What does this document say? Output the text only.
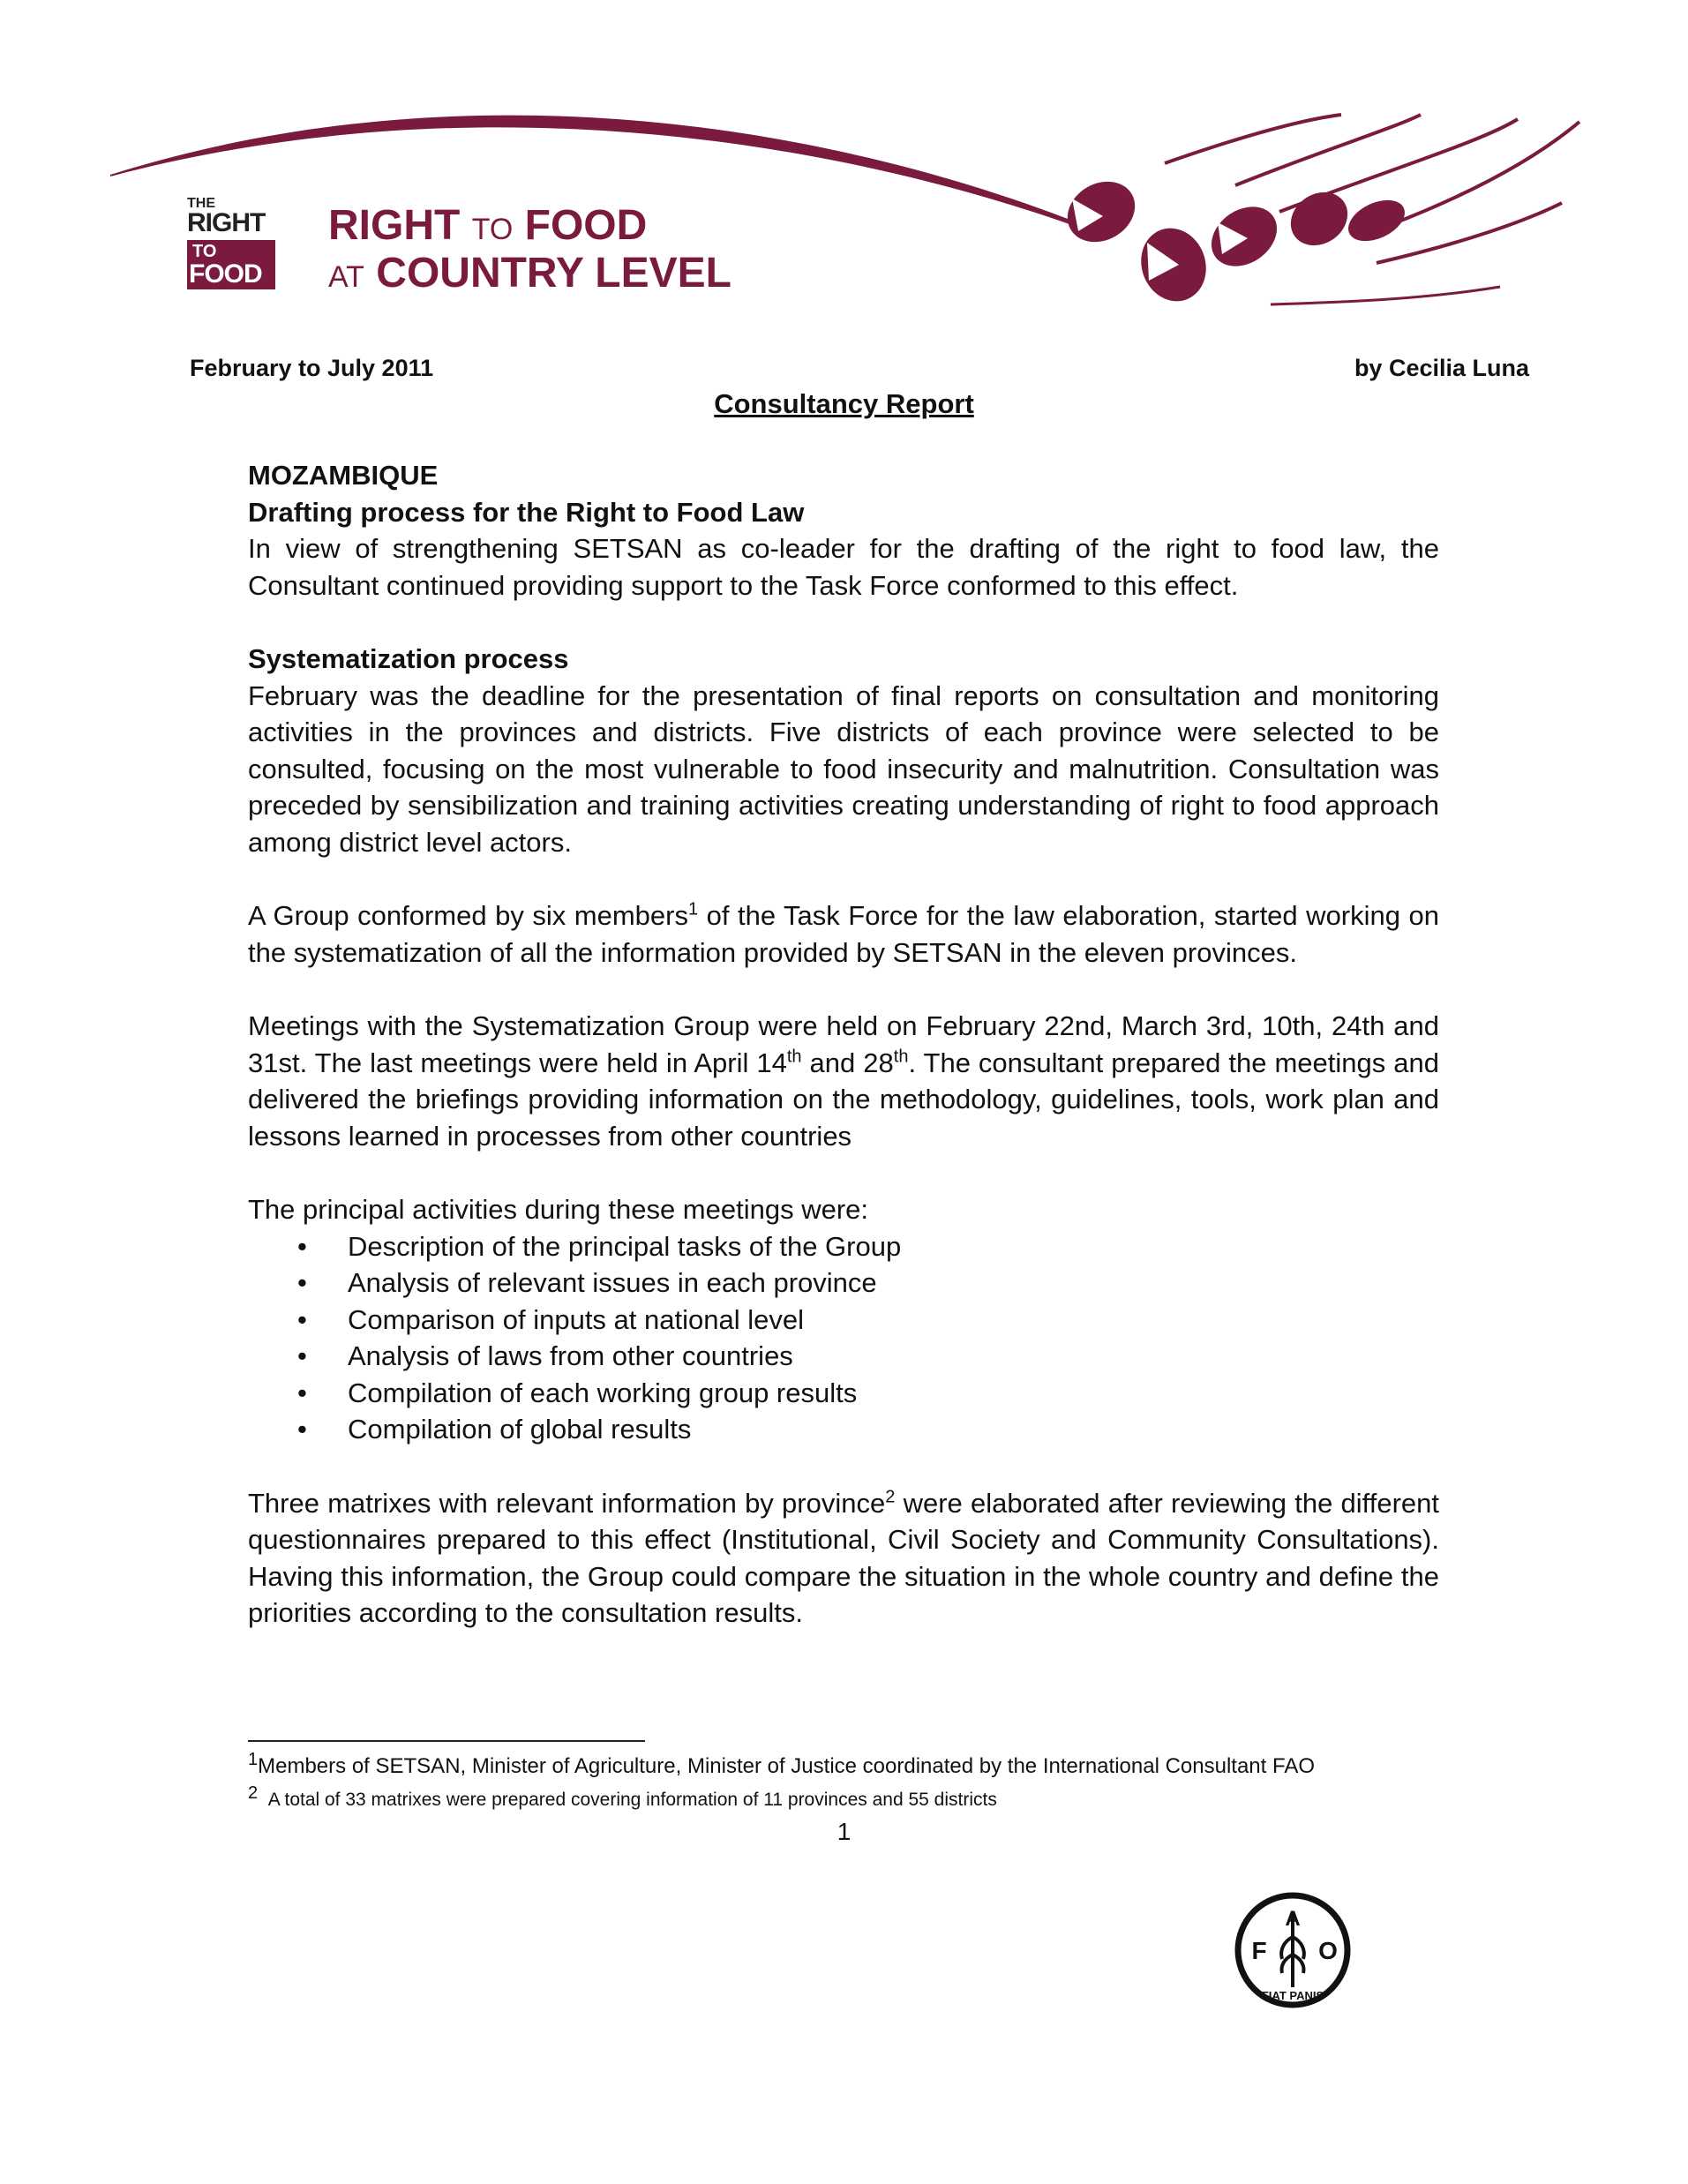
THE
RIGHT
TO
FOOD
RIGHT TO FOOD
AT COUNTRY LEVEL
February to July 2011	by Cecilia Luna
Consultancy Report

MOZAMBIQUE

Drafting process for the Right to Food Law

In view of strengthening SETSAN as co-leader for the drafting of the right to food law, the Consultant continued providing support to the Task Force conformed to this effect.

Systematization process

February was the deadline for the presentation of final reports on consultation and monitoring activities in the provinces and districts. Five districts of each province were selected to be consulted, focusing on the most vulnerable to food insecurity and malnutrition. Consultation was preceded by sensibilization and training activities creating understanding of right to food approach among district level actors.

A Group conformed by six members$^1$ of the Task Force for the law elaboration, started working on the systematization of all the information provided by SETSAN in the eleven provinces.

Meetings with the Systematization Group were held on February 22nd, March 3rd, 10th, 24th and 31st. The last meetings were held in April 14th and 28th. The consultant prepared the meetings and delivered the briefings providing information on the methodology, guidelines, tools, work plan and lessons learned in processes from other countries

The principal activities during these meetings were:

• Description of the principal tasks of the Group
• Analysis of relevant issues in each province
• Comparison of inputs at national level
• Analysis of laws from other countries
• Compilation of each working group results
• Compilation of global results

Three matrixes with relevant information by province$^2$ were elaborated after reviewing the different questionnaires prepared to this effect (Institutional, Civil Society and Community Consultations). Having this information, the Group could compare the situation in the whole country and define the priorities according to the consultation results.

$^1$Members of SETSAN, Minister of Agriculture, Minister of Justice coordinated by the International Consultant FAO
$^2$ A total of 33 matrixes were prepared covering information of 11 provinces and 55 districts
1
F
A
O
FIAT PANIS
